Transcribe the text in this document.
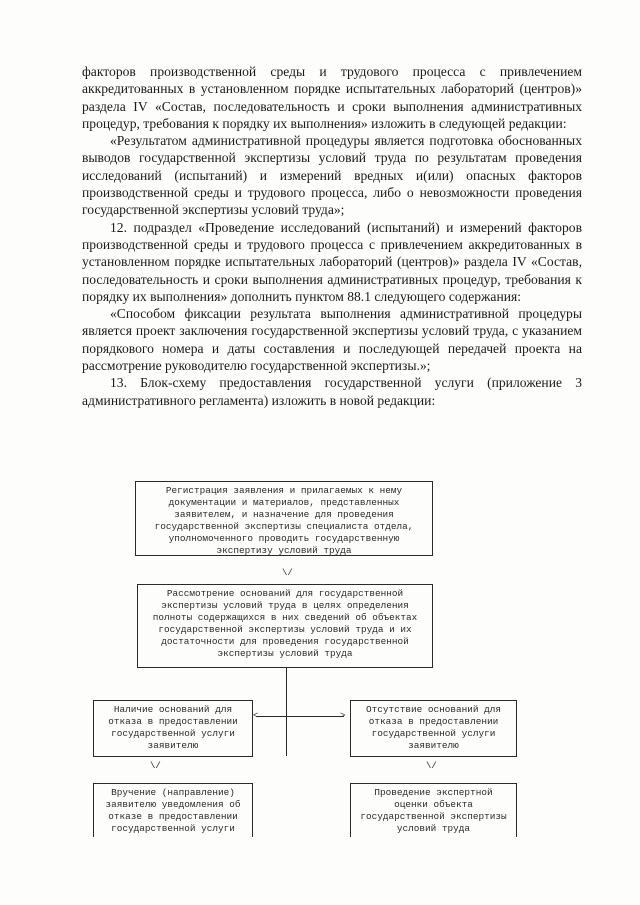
факторов производственной среды и трудового процесса с привлечением аккредитованных в установленном порядке испытательных лабораторий (центров)» раздела IV «Состав, последовательность и сроки выполнения административных процедур, требования к порядку их выполнения» изложить в следующей редакции:

«Результатом административной процедуры является подготовка обоснованных выводов государственной экспертизы условий труда по результатам проведения исследований (испытаний) и измерений вредных и(или) опасных факторов производственной среды и трудового процесса, либо о невозможности проведения государственной экспертизы условий труда»;

12. подраздел «Проведение исследований (испытаний) и измерений факторов производственной среды и трудового процесса с привлечением аккредитованных в установленном порядке испытательных лабораторий (центров)» раздела IV «Состав, последовательность и сроки выполнения административных процедур, требования к порядку их выполнения» дополнить пунктом 88.1 следующего содержания:

«Способом фиксации результата выполнения административной процедуры является проект заключения государственной экспертизы условий труда, с указанием порядкового номера и даты составления и последующей передачей проекта на рассмотрение руководителю государственной экспертизы.»;

13. Блок-схему предоставления государственной услуги (приложение 3 административного регламента) изложить в новой редакции:

Регистрация заявления и прилагаемых к нему
документации и материалов, представленных
заявителем, и назначение для проведения
государственной экспертизы специалиста отдела,
уполномоченного проводить государственную
экспертизу условий труда
\/
Рассмотрение оснований для государственной
экспертизы условий труда в целях определения
полноты содержащихся в них сведений об объектах
государственной экспертизы условий труда и их
достаточности для проведения государственной
экспертизы условий труда
<	>
Наличие оснований для
отказа в предоставлении
государственной услуги
заявителю
Отсутствие оснований для
отказа в предоставлении
государственной услуги
заявителю
\/	\/
Вручение (направление)
заявителю уведомления об
отказе в предоставлении
государственной услуги
Проведение экспертной
оценки объекта
государственной экспертизы
условий труда
